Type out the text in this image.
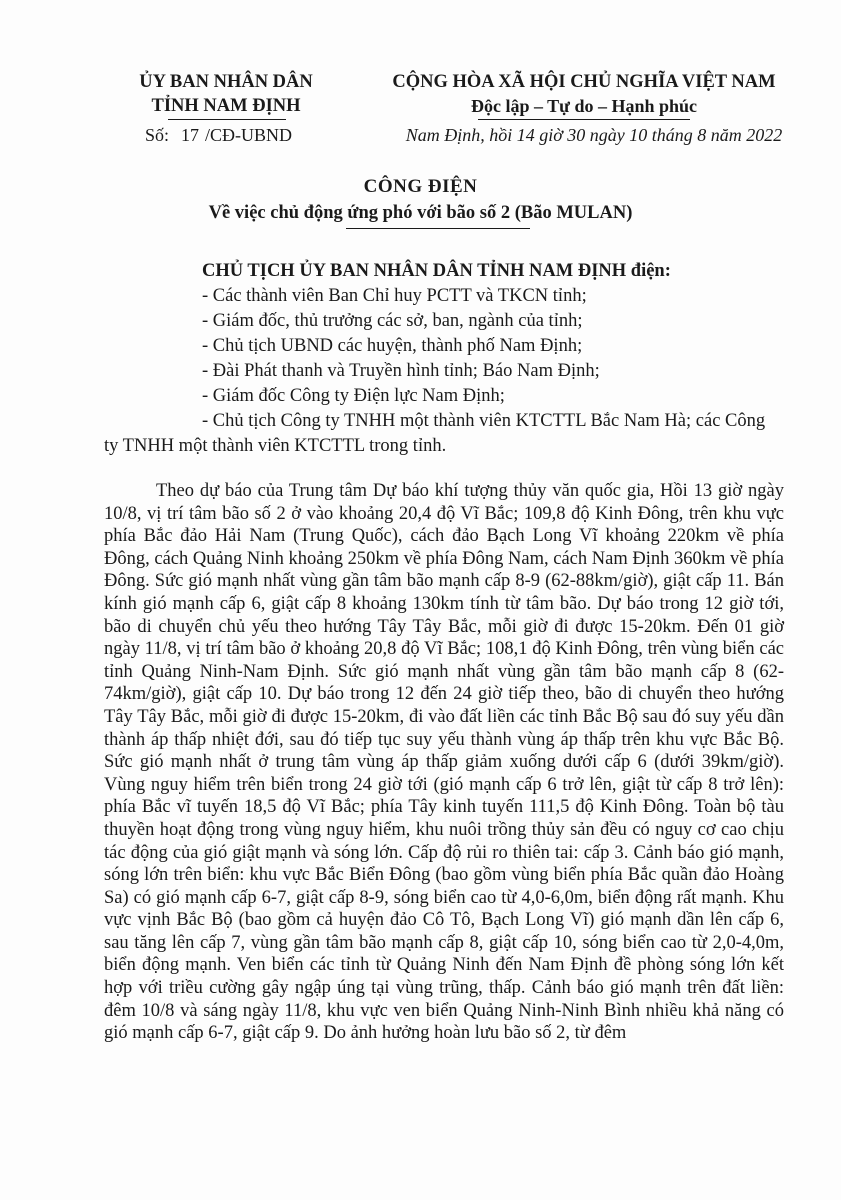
ỦY BAN NHÂN DÂN
TỈNH NAM ĐỊNH
CỘNG HÒA XÃ HỘI CHỦ NGHĨA VIỆT NAM
Độc lập – Tự do – Hạnh phúc
Số: 17 /CĐ-UBND	Nam Định, hồi 14 giờ 30 ngày 10 tháng 8 năm 2022
CÔNG ĐIỆN
Về việc chủ động ứng phó với bão số 2 (Bão MULAN)
CHỦ TỊCH ỦY BAN NHÂN DÂN TỈNH NAM ĐỊNH điện:
- Các thành viên Ban Chỉ huy PCTT và TKCN tỉnh;
- Giám đốc, thủ trưởng các sở, ban, ngành của tỉnh;
- Chủ tịch UBND các huyện, thành phố Nam Định;
- Đài Phát thanh và Truyền hình tỉnh; Báo Nam Định;
- Giám đốc Công ty Điện lực Nam Định;
- Chủ tịch Công ty TNHH một thành viên KTCTTL Bắc Nam Hà; các Công ty TNHH một thành viên KTCTTL trong tỉnh.
Theo dự báo của Trung tâm Dự báo khí tượng thủy văn quốc gia, Hồi 13 giờ ngày 10/8, vị trí tâm bão số 2 ở vào khoảng 20,4 độ Vĩ Bắc; 109,8 độ Kinh Đông, trên khu vực phía Bắc đảo Hải Nam (Trung Quốc), cách đảo Bạch Long Vĩ khoảng 220km về phía Đông, cách Quảng Ninh khoảng 250km về phía Đông Nam, cách Nam Định 360km về phía Đông. Sức gió mạnh nhất vùng gần tâm bão mạnh cấp 8-9 (62-88km/giờ), giật cấp 11. Bán kính gió mạnh cấp 6, giật cấp 8 khoảng 130km tính từ tâm bão. Dự báo trong 12 giờ tới, bão di chuyển chủ yếu theo hướng Tây Tây Bắc, mỗi giờ đi được 15-20km. Đến 01 giờ ngày 11/8, vị trí tâm bão ở khoảng 20,8 độ Vĩ Bắc; 108,1 độ Kinh Đông, trên vùng biển các tỉnh Quảng Ninh-Nam Định. Sức gió mạnh nhất vùng gần tâm bão mạnh cấp 8 (62-74km/giờ), giật cấp 10. Dự báo trong 12 đến 24 giờ tiếp theo, bão di chuyển theo hướng Tây Tây Bắc, mỗi giờ đi được 15-20km, đi vào đất liền các tỉnh Bắc Bộ sau đó suy yếu dần thành áp thấp nhiệt đới, sau đó tiếp tục suy yếu thành vùng áp thấp trên khu vực Bắc Bộ. Sức gió mạnh nhất ở trung tâm vùng áp thấp giảm xuống dưới cấp 6 (dưới 39km/giờ). Vùng nguy hiểm trên biển trong 24 giờ tới (gió mạnh cấp 6 trở lên, giật từ cấp 8 trở lên): phía Bắc vĩ tuyến 18,5 độ Vĩ Bắc; phía Tây kinh tuyến 111,5 độ Kinh Đông. Toàn bộ tàu thuyền hoạt động trong vùng nguy hiểm, khu nuôi trồng thủy sản đều có nguy cơ cao chịu tác động của gió giật mạnh và sóng lớn. Cấp độ rủi ro thiên tai: cấp 3. Cảnh báo gió mạnh, sóng lớn trên biển: khu vực Bắc Biển Đông (bao gồm vùng biển phía Bắc quần đảo Hoàng Sa) có gió mạnh cấp 6-7, giật cấp 8-9, sóng biển cao từ 4,0-6,0m, biển động rất mạnh. Khu vực vịnh Bắc Bộ (bao gồm cả huyện đảo Cô Tô, Bạch Long Vĩ) gió mạnh dần lên cấp 6, sau tăng lên cấp 7, vùng gần tâm bão mạnh cấp 8, giật cấp 10, sóng biển cao từ 2,0-4,0m, biển động mạnh. Ven biển các tỉnh từ Quảng Ninh đến Nam Định đề phòng sóng lớn kết hợp với triều cường gây ngập úng tại vùng trũng, thấp. Cảnh báo gió mạnh trên đất liền: đêm 10/8 và sáng ngày 11/8, khu vực ven biển Quảng Ninh-Ninh Bình nhiều khả năng có gió mạnh cấp 6-7, giật cấp 9. Do ảnh hưởng hoàn lưu bão số 2, từ đêm
